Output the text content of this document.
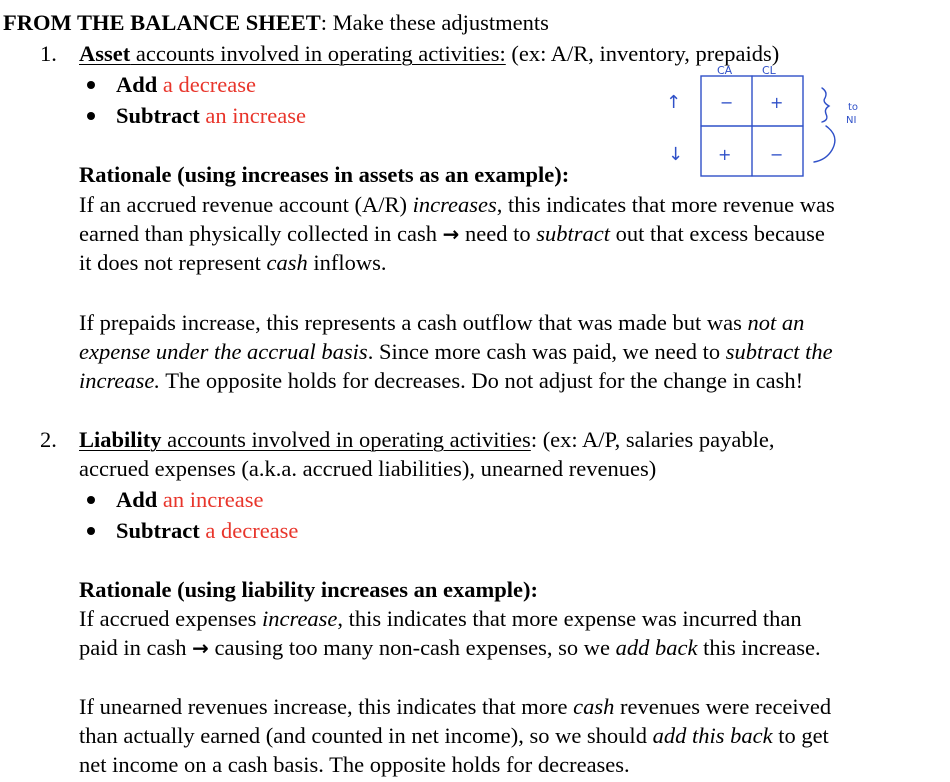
FROM THE BALANCE SHEET: Make these adjustments
1. Asset accounts involved in operating activities: (ex: A/R, inventory, prepaids)
Add a decrease
Subtract an increase
Rationale (using increases in assets as an example):
If an accrued revenue account (A/R) increases, this indicates that more revenue was
earned than physically collected in cash → need to subtract out that excess because
it does not represent cash inflows.
If prepaids increase, this represents a cash outflow that was made but was not an
expense under the accrual basis. Since more cash was paid, we need to subtract the
increase. The opposite holds for decreases. Do not adjust for the change in cash!
2. Liability accounts involved in operating activities: (ex: A/P, salaries payable,
accrued expenses (a.k.a. accrued liabilities), unearned revenues)
Add an increase
Subtract a decrease
Rationale (using liability increases an example):
If accrued expenses increase, this indicates that more expense was incurred than
paid in cash → causing too many non-cash expenses, so we add back this increase.
If unearned revenues increase, this indicates that more cash revenues were received
than actually earned (and counted in net income), so we should add this back to get
net income on a cash basis. The opposite holds for decreases.
CA	CL
↑
↓
− +
+ −
to
NI
